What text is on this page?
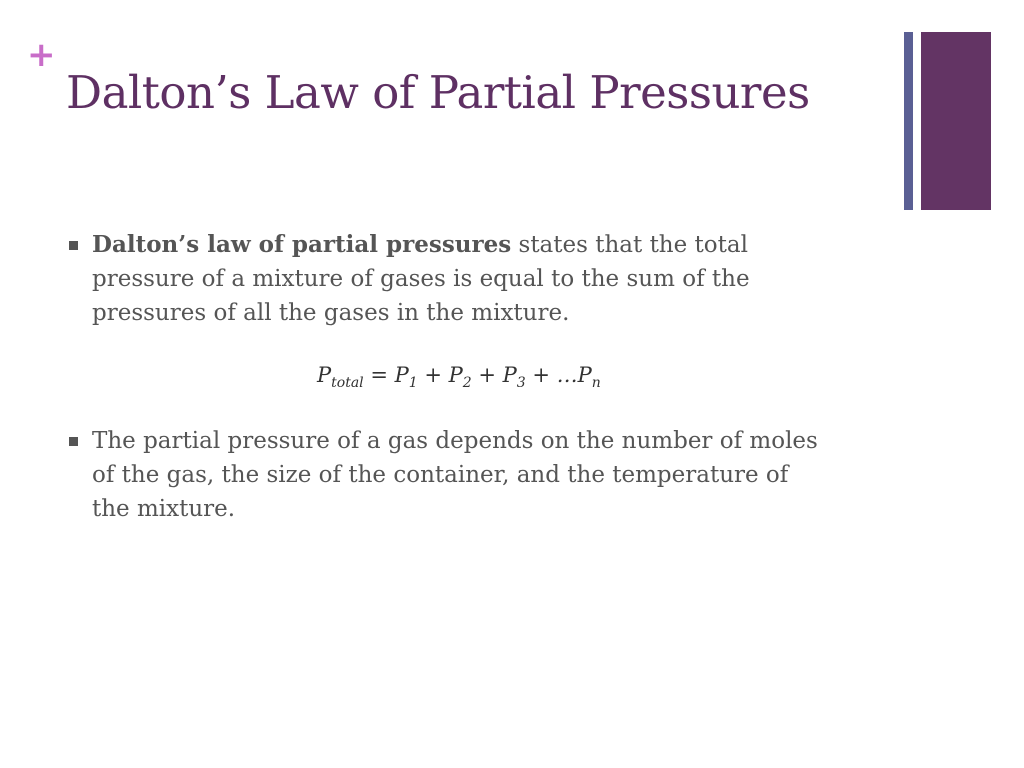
+
Dalton’s Law of Partial Pressures
Dalton’s law of partial pressures states that the total pressure of a mixture of gases is equal to the sum of the pressures of all the gases in the mixture.
$P_{total} = P_1 + P_2 + P_3$ + $\dots P_n$
The partial pressure of a gas depends on the number of moles of the gas, the size of the container, and the temperature of the mixture.
